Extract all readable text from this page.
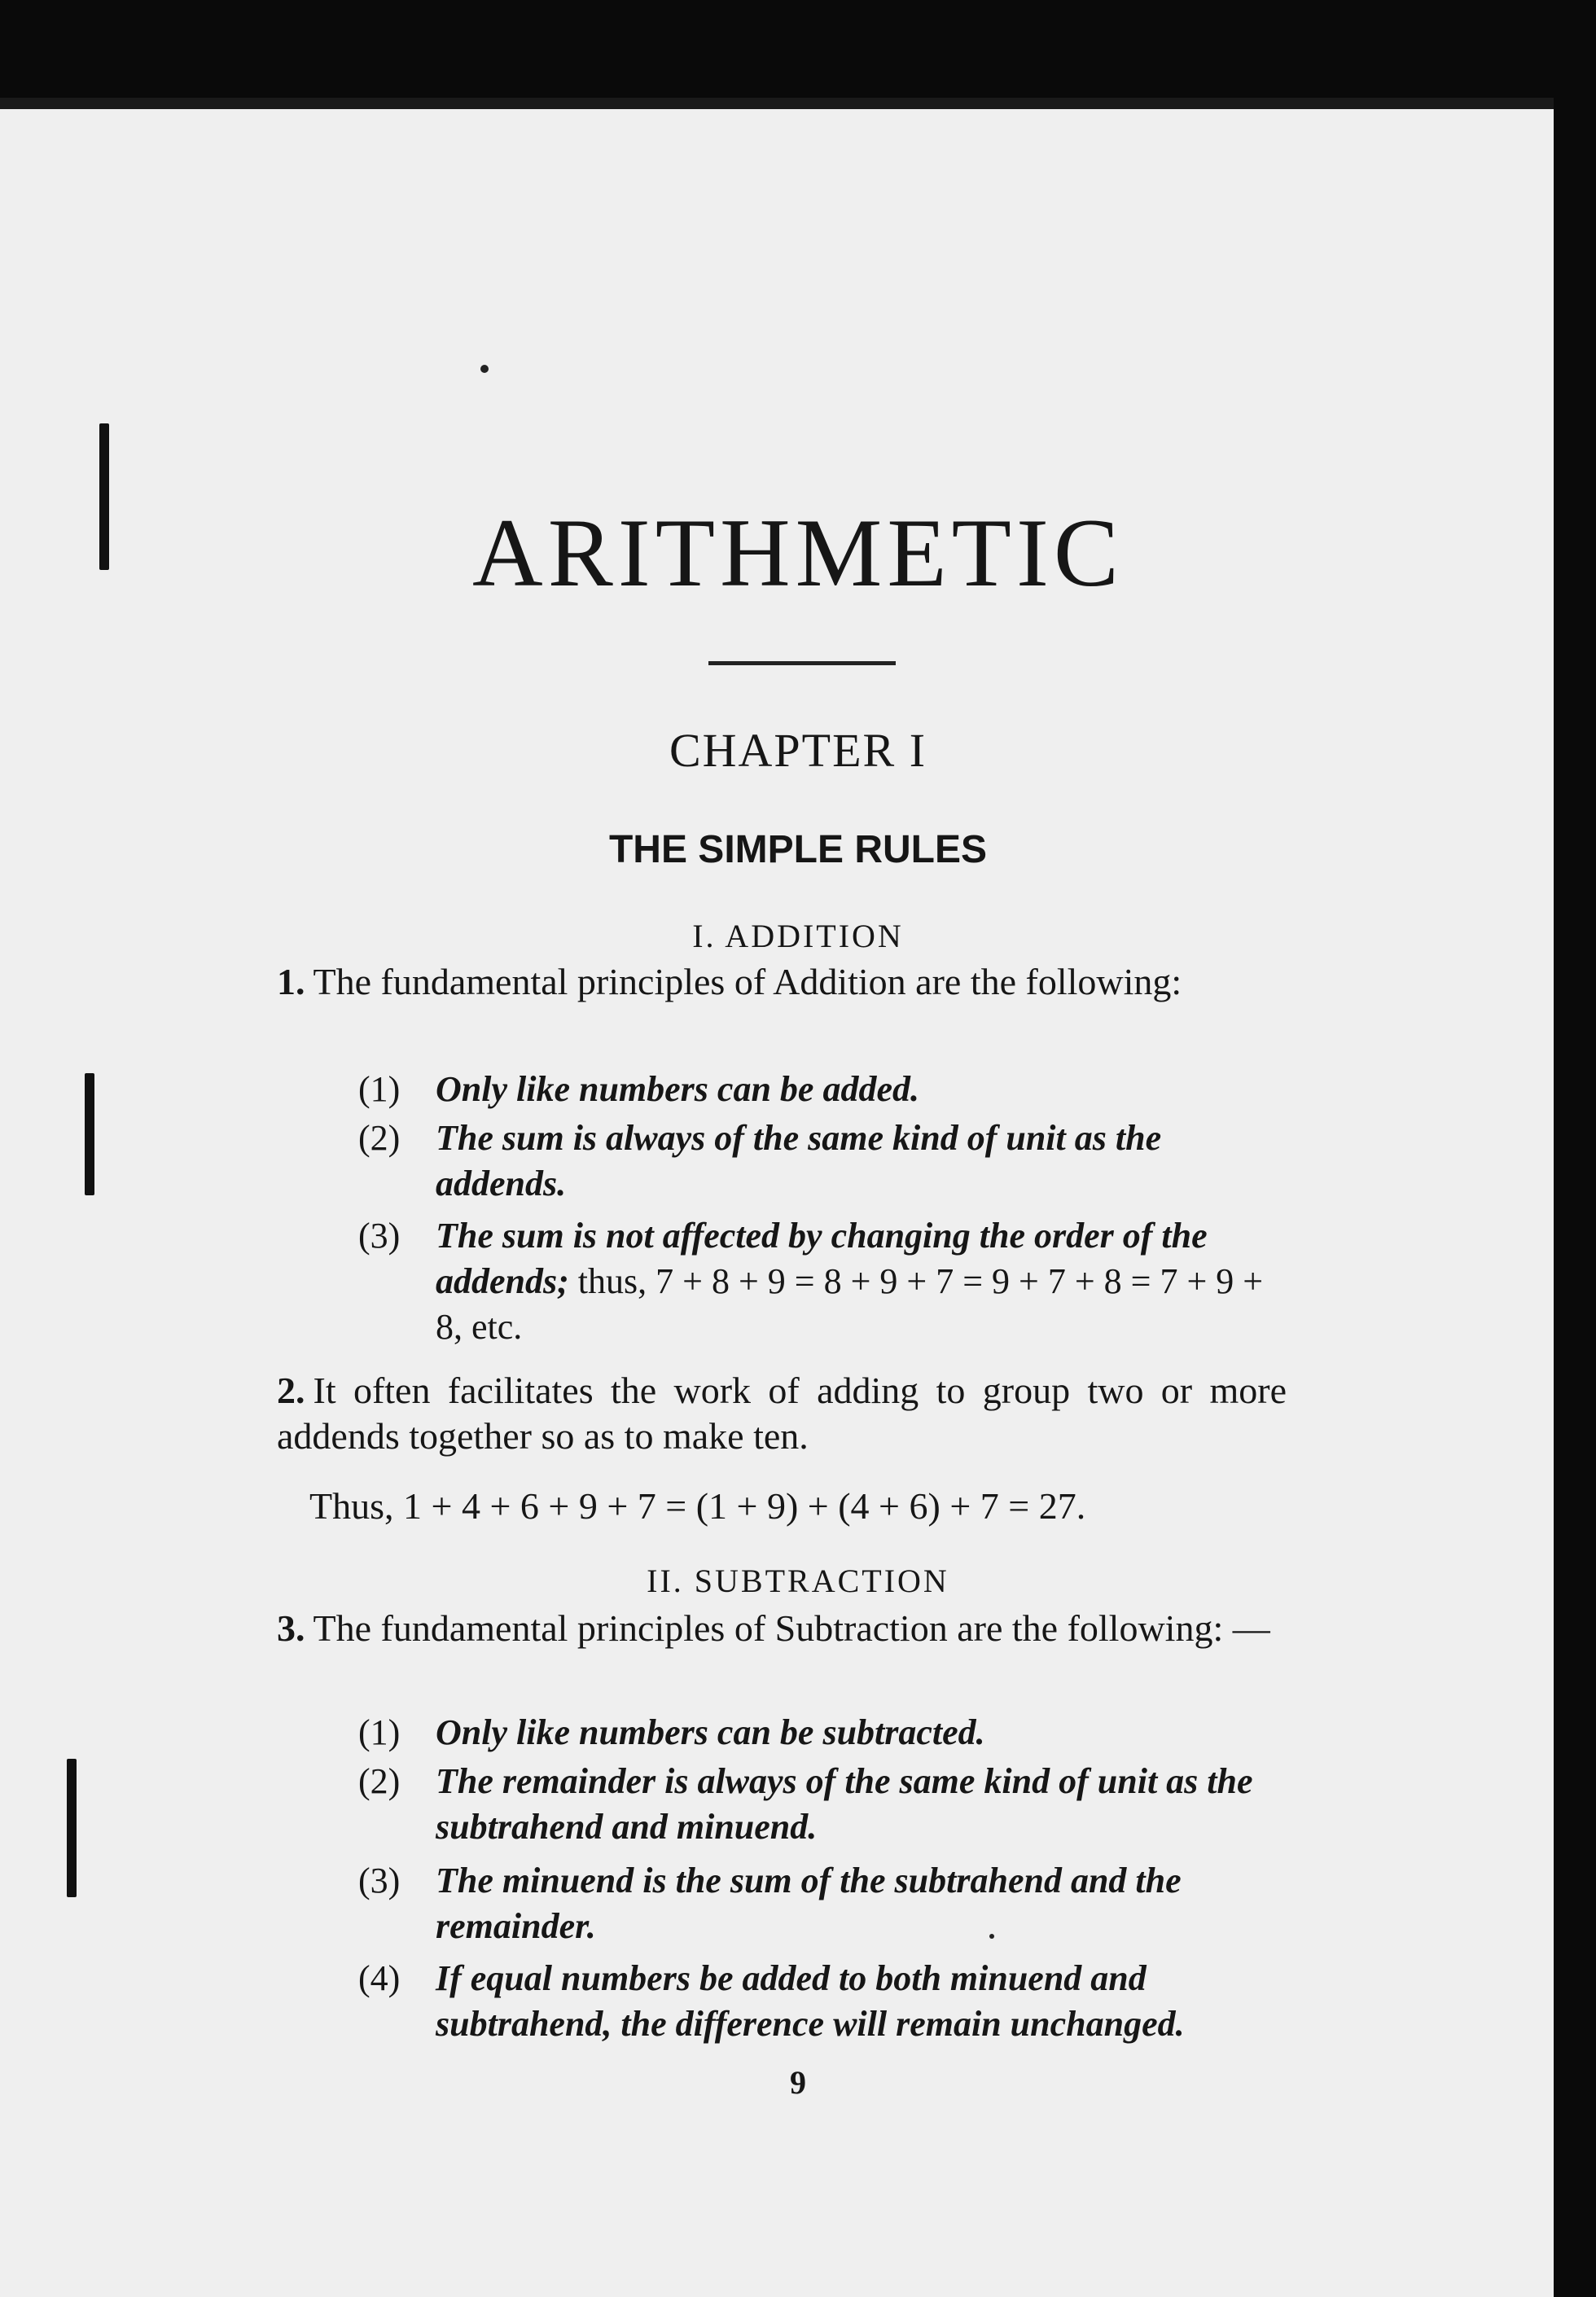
ARITHMETIC
CHAPTER I
THE SIMPLE RULES
I. ADDITION
1. The fundamental principles of Addition are the following:
(1) Only like numbers can be added.
(2) The sum is always of the same kind of unit as the addends.
(3) The sum is not affected by changing the order of the addends; thus, 7 + 8 + 9 = 8 + 9 + 7 = 9 + 7 + 8 = 7 + 9 + 8, etc.
2. It often facilitates the work of adding to group two or more addends together so as to make ten.
Thus, 1 + 4 + 6 + 9 + 7 = (1 + 9) + (4 + 6) + 7 = 27.
II. SUBTRACTION
3. The fundamental principles of Subtraction are the following: —
(1) Only like numbers can be subtracted.
(2) The remainder is always of the same kind of unit as the subtrahend and minuend.
(3) The minuend is the sum of the subtrahend and the remainder.
(4) If equal numbers be added to both minuend and subtrahend, the difference will remain unchanged.
9
